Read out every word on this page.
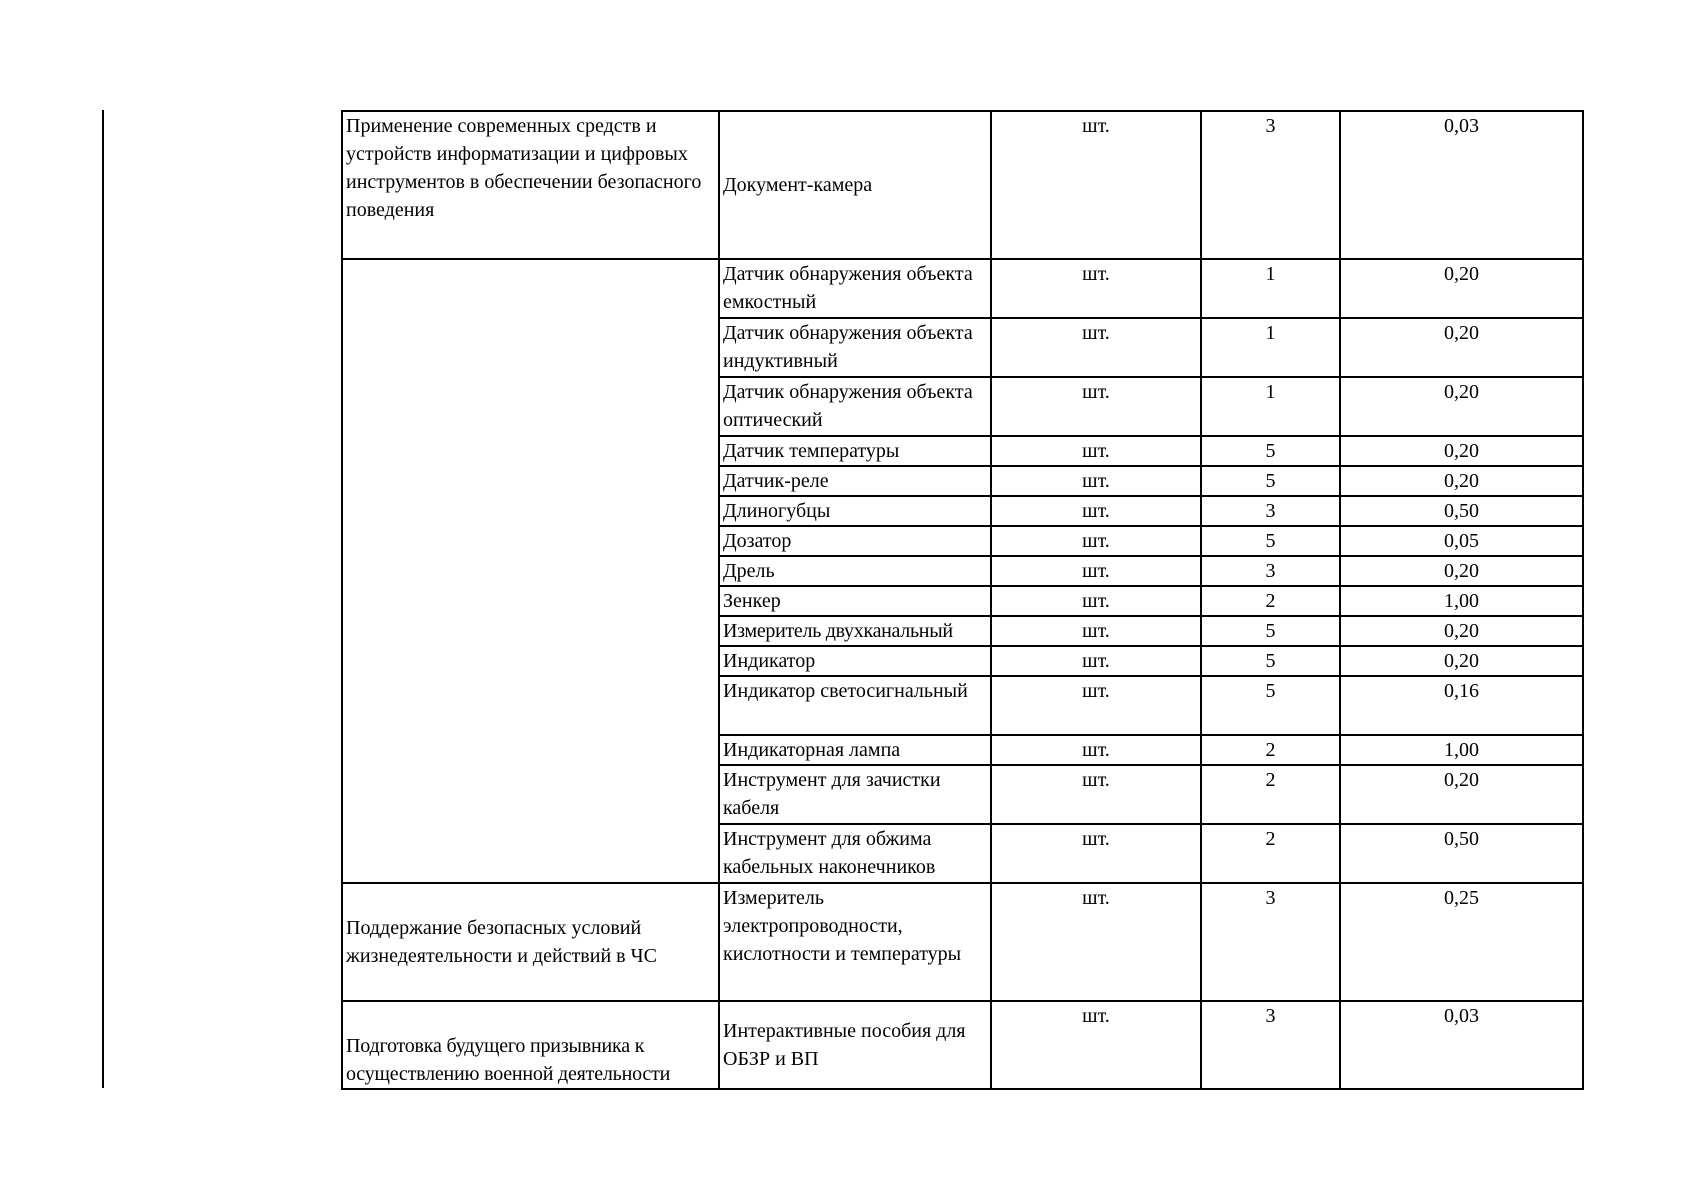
Применение современных средств и устройств информатизации и цифровых инструментов в обеспечении безопасного поведения	Документ-камера	шт.	3	0,03
	Датчик обнаружения объекта емкостный	шт.	1	0,20
	Датчик обнаружения объекта индуктивный	шт.	1	0,20
	Датчик обнаружения объекта оптический	шт.	1	0,20
	Датчик температуры	шт.	5	0,20
	Датчик-реле	шт.	5	0,20
	Длиногубцы	шт.	3	0,50
	Дозатор	шт.	5	0,05
	Дрель	шт.	3	0,20
	Зенкер	шт.	2	1,00
	Измеритель двухканальный	шт.	5	0,20
	Индикатор	шт.	5	0,20
	Индикатор светосигнальный	шт.	5	0,16
	Индикаторная лампа	шт.	2	1,00
	Инструмент для зачистки кабеля	шт.	2	0,20
	Инструмент для обжима кабельных наконечников	шт.	2	0,50
Поддержание безопасных условий жизнедеятельности и действий в ЧС	Измеритель электропроводности, кислотности и температуры	шт.	3	0,25
Подготовка будущего призывника к осуществлению военной деятельности	Интерактивные пособия для ОБЗР и ВП	шт.	3	0,03
